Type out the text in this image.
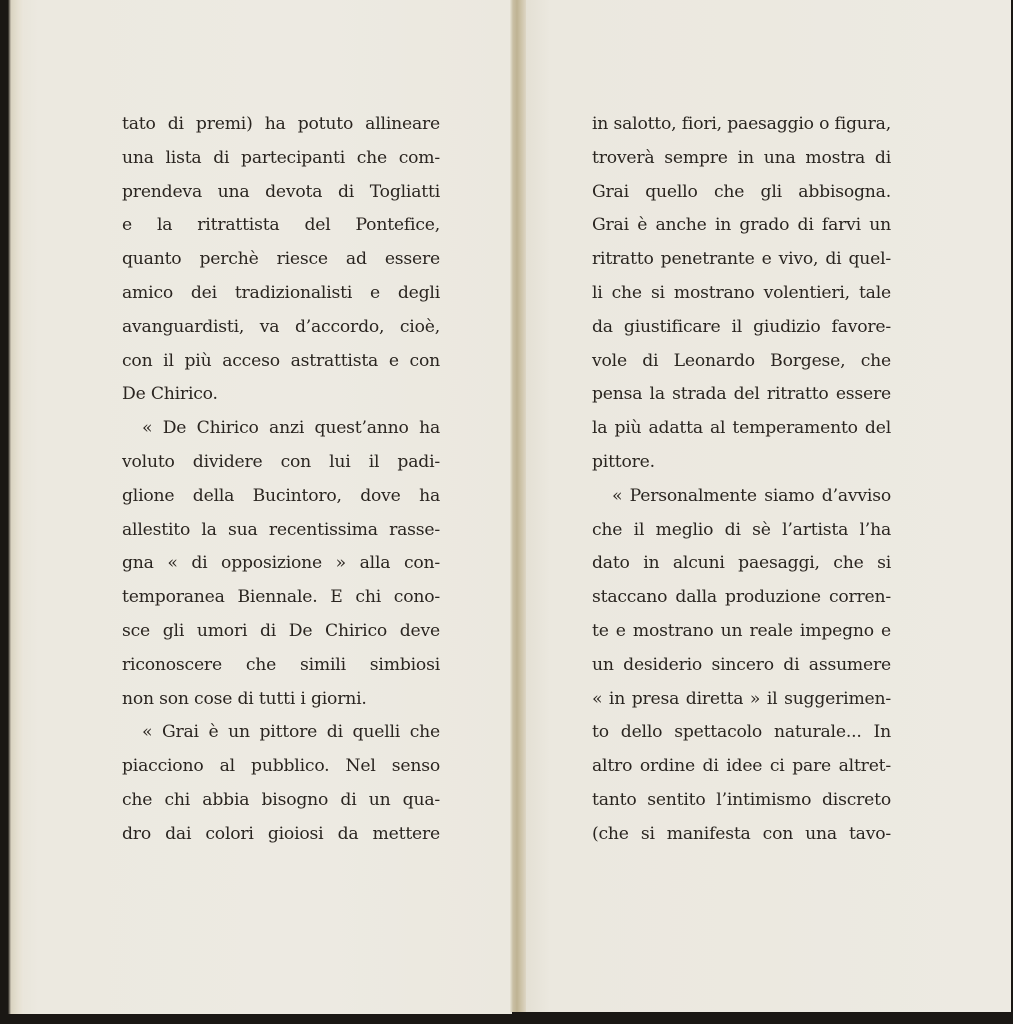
tato di premi) ha potuto allineare
una lista di partecipanti che com-
prendeva una devota di Togliatti
e la ritrattista del Pontefice,
quanto perchè riesce ad essere
amico dei tradizionalisti e degli
avanguardisti, va d’accordo, cioè,
con il più acceso astrattista e con
De Chirico.
« De Chirico anzi quest’anno ha
voluto dividere con lui il padi-
glione della Bucintoro, dove ha
allestito la sua recentissima rasse-
gna « di opposizione » alla con-
temporanea Biennale. E chi cono-
sce gli umori di De Chirico deve
riconoscere che simili simbiosi
non son cose di tutti i giorni.
« Grai è un pittore di quelli che
piacciono al pubblico. Nel senso
che chi abbia bisogno di un qua-
dro dai colori gioiosi da mettere
in salotto, fiori, paesaggio o figura,
troverà sempre in una mostra di
Grai quello che gli abbisogna.
Grai è anche in grado di farvi un
ritratto penetrante e vivo, di quel-
li che si mostrano volentieri, tale
da giustificare il giudizio favore-
vole di Leonardo Borgese, che
pensa la strada del ritratto essere
la più adatta al temperamento del
pittore.
« Personalmente siamo d’avviso
che il meglio di sè l’artista l’ha
dato in alcuni paesaggi, che si
staccano dalla produzione corren-
te e mostrano un reale impegno e
un desiderio sincero di assumere
« in presa diretta » il suggerimen-
to dello spettacolo naturale... In
altro ordine di idee ci pare altret-
tanto sentito l’intimismo discreto
(che si manifesta con una tavo-
